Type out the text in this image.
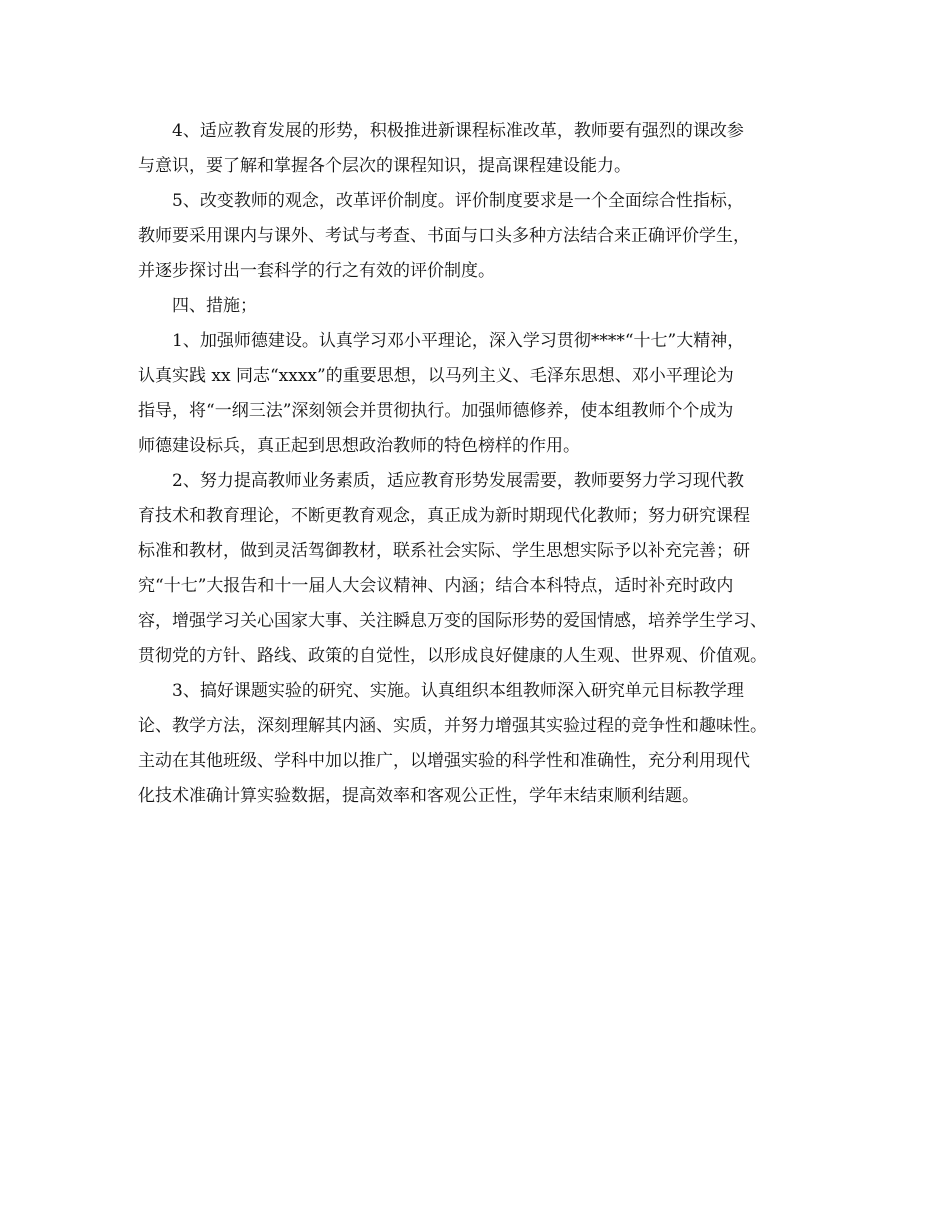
4、适应教育发展的形势，积极推进新课程标准改革，教师要有强烈的课改参
与意识，要了解和掌握各个层次的课程知识，提高课程建设能力。
5、改变教师的观念，改革评价制度。评价制度要求是一个全面综合性指标，
教师要采用课内与课外、考试与考查、书面与口头多种方法结合来正确评价学生，
并逐步探讨出一套科学的行之有效的评价制度。
四、措施；
1、加强师德建设。认真学习邓小平理论，深入学习贯彻****“十七”大精神，
认真实践 xx 同志“xxxx”的重要思想，以马列主义、毛泽东思想、邓小平理论为
指导，将“一纲三法”深刻领会并贯彻执行。加强师德修养，使本组教师个个成为
师德建设标兵，真正起到思想政治教师的特色榜样的作用。
2、努力提高教师业务素质，适应教育形势发展需要，教师要努力学习现代教
育技术和教育理论，不断更教育观念，真正成为新时期现代化教师；努力研究课程
标准和教材，做到灵活驾御教材，联系社会实际、学生思想实际予以补充完善；研
究“十七”大报告和十一届人大会议精神、内涵；结合本科特点，适时补充时政内
容，增强学习关心国家大事、关注瞬息万变的国际形势的爱国情感，培养学生学习、
贯彻党的方针、路线、政策的自觉性，以形成良好健康的人生观、世界观、价值观。
3、搞好课题实验的研究、实施。认真组织本组教师深入研究单元目标教学理
论、教学方法，深刻理解其内涵、实质，并努力增强其实验过程的竞争性和趣味性。
主动在其他班级、学科中加以推广，以增强实验的科学性和准确性，充分利用现代
化技术准确计算实验数据，提高效率和客观公正性，学年末结束顺利结题。
